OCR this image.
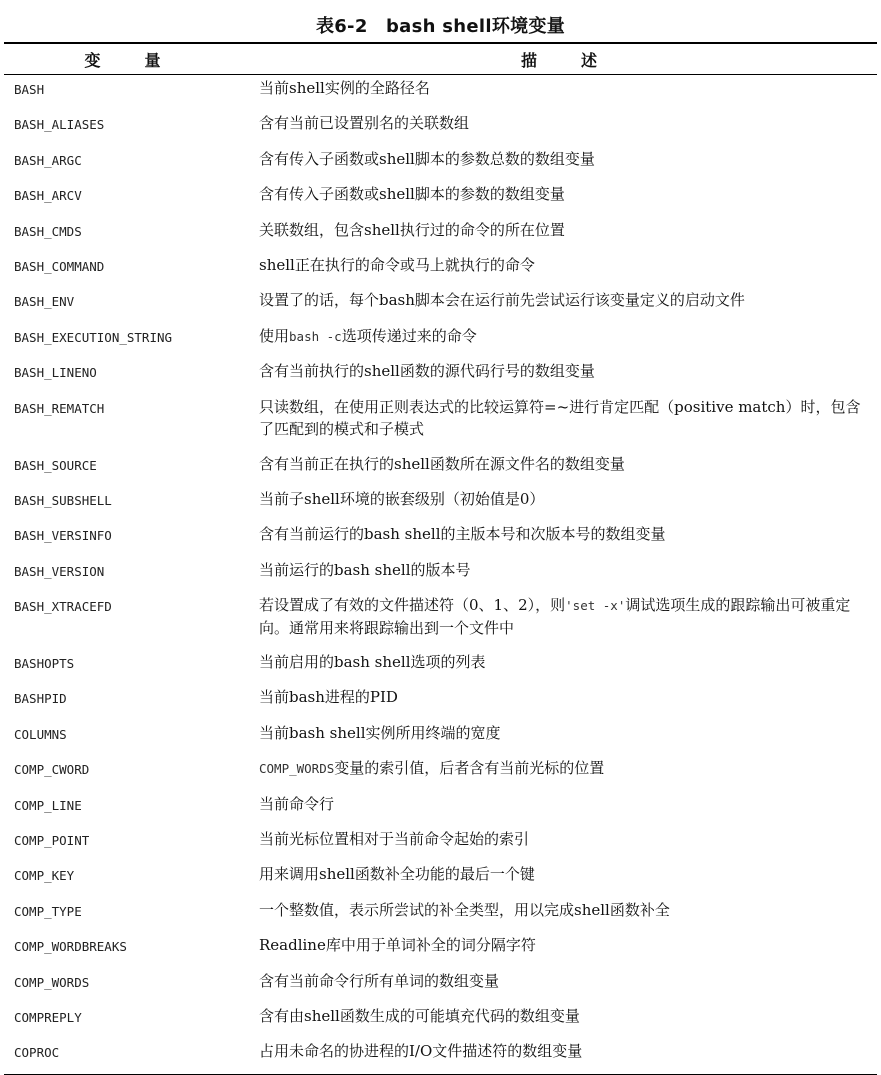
表6-2　bash shell环境变量
变　量	描　述
BASH	当前shell实例的全路径名
BASH_ALIASES	含有当前已设置别名的关联数组
BASH_ARGC	含有传入子函数或shell脚本的参数总数的数组变量
BASH_ARCV	含有传入子函数或shell脚本的参数的数组变量
BASH_CMDS	关联数组，包含shell执行过的命令的所在位置
BASH_COMMAND	shell正在执行的命令或马上就执行的命令
BASH_ENV	设置了的话，每个bash脚本会在运行前先尝试运行该变量定义的启动文件
BASH_EXECUTION_STRING	使用bash -c选项传递过来的命令
BASH_LINENO	含有当前执行的shell函数的源代码行号的数组变量
BASH_REMATCH	只读数组，在使用正则表达式的比较运算符=~进行肯定匹配（positive match）时，包含了匹配到的模式和子模式
BASH_SOURCE	含有当前正在执行的shell函数所在源文件名的数组变量
BASH_SUBSHELL	当前子shell环境的嵌套级别（初始值是0）
BASH_VERSINFO	含有当前运行的bash shell的主版本号和次版本号的数组变量
BASH_VERSION	当前运行的bash shell的版本号
BASH_XTRACEFD	若设置成了有效的文件描述符（0、1、2），则'set -x'调试选项生成的跟踪输出可被重定向。通常用来将跟踪输出到一个文件中
BASHOPTS	当前启用的bash shell选项的列表
BASHPID	当前bash进程的PID
COLUMNS	当前bash shell实例所用终端的宽度
COMP_CWORD	COMP_WORDS变量的索引值，后者含有当前光标的位置
COMP_LINE	当前命令行
COMP_POINT	当前光标位置相对于当前命令起始的索引
COMP_KEY	用来调用shell函数补全功能的最后一个键
COMP_TYPE	一个整数值，表示所尝试的补全类型，用以完成shell函数补全
COMP_WORDBREAKS	Readline库中用于单词补全的词分隔字符
COMP_WORDS	含有当前命令行所有单词的数组变量
COMPREPLY	含有由shell函数生成的可能填充代码的数组变量
COPROC	占用未命名的协进程的I/O文件描述符的数组变量
